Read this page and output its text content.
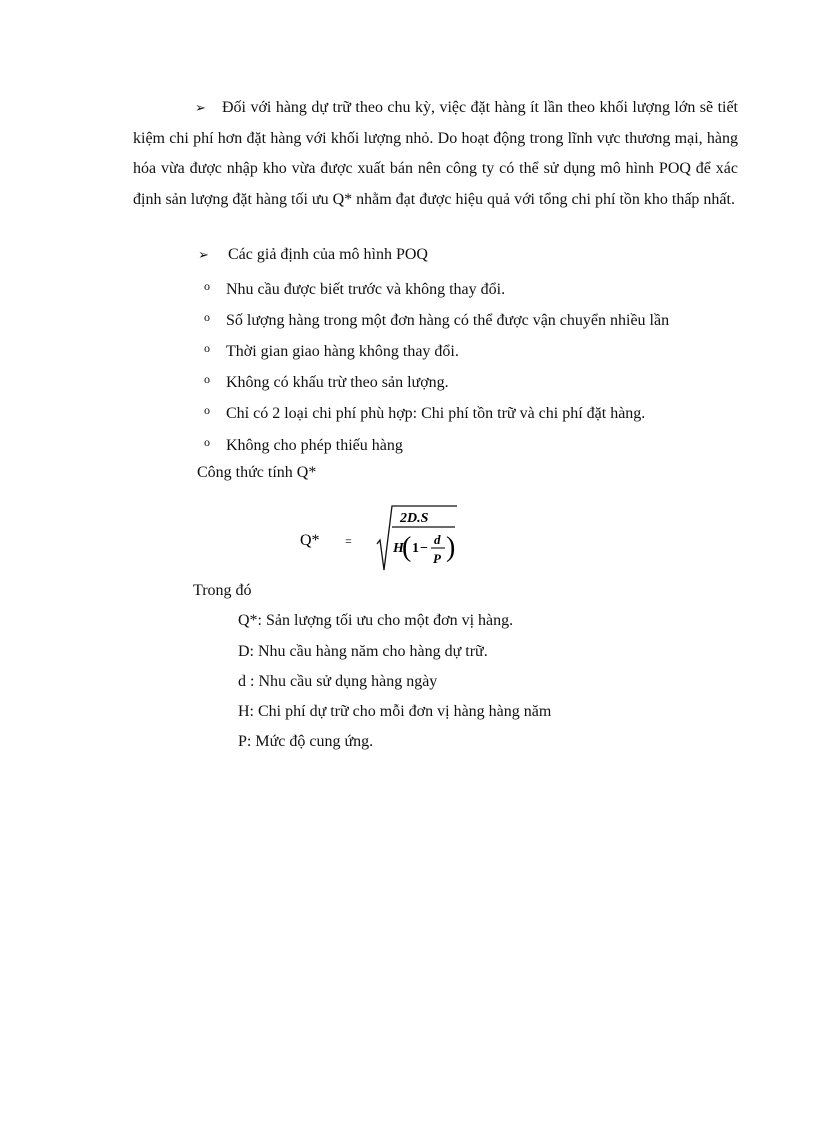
➢ Đối với hàng dự trữ theo chu kỳ, việc đặt hàng ít lần theo khối lượng lớn sẽ tiết kiệm chi phí hơn đặt hàng với khối lượng nhỏ. Do hoạt động trong lĩnh vực thương mại, hàng hóa vừa được nhập kho vừa được xuất bán nên công ty có thể sử dụng mô hình POQ để xác định sản lượng đặt hàng tối ưu Q* nhằm đạt được hiệu quả với tổng chi phí tồn kho thấp nhất.

➢ Các giả định của mô hình POQ
o Nhu cầu được biết trước và không thay đổi.
o Số lượng hàng trong một đơn hàng có thể được vận chuyển nhiều lần
o Thời gian giao hàng không thay đổi.
o Không có khấu trừ theo sản lượng.
o Chỉ có 2 loại chi phí phù hợp: Chi phí tồn trữ và chi phí đặt hàng.
o Không cho phép thiếu hàng
Công thức tính Q*
Q* =
2D.S
H
( 1 −
d
P )
Trong đó
Q*: Sản lượng tối ưu cho một đơn vị hàng.
D: Nhu cầu hàng năm cho hàng dự trữ.
d : Nhu cầu sử dụng hàng ngày
H: Chi phí dự trữ cho mỗi đơn vị hàng hàng năm
P: Mức độ cung ứng.
